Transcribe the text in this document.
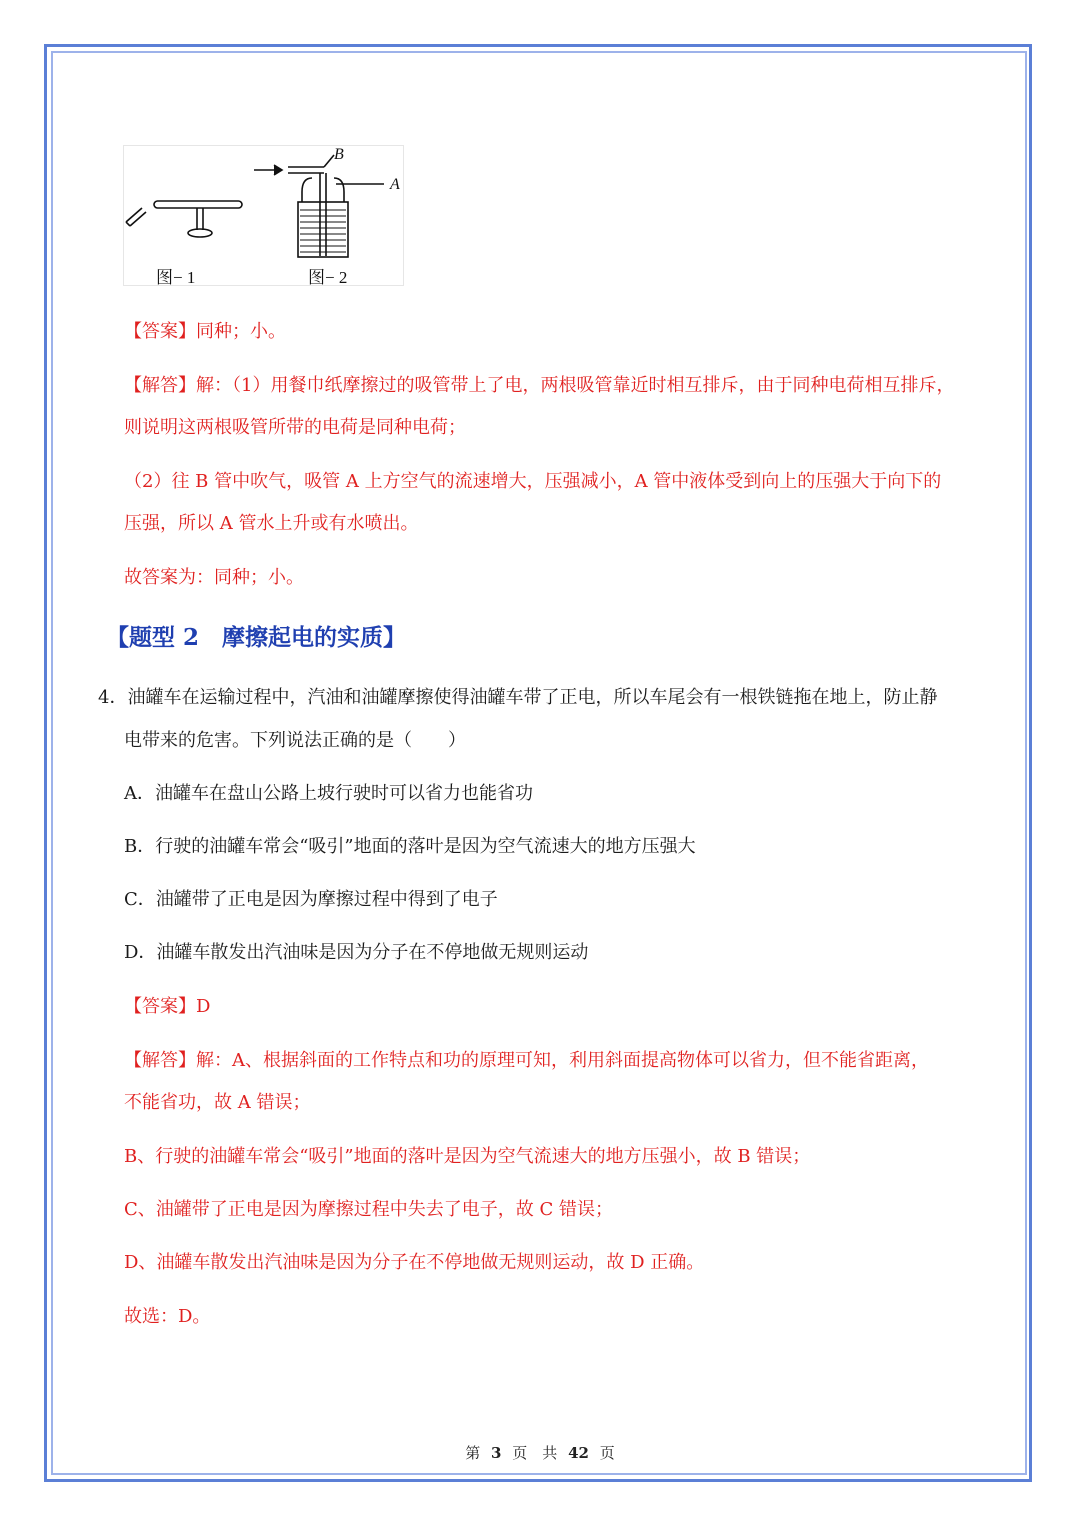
B
A
图− 1	图− 2
【答案】同种；小。
【解答】解：（1）用餐巾纸摩擦过的吸管带上了电，两根吸管靠近时相互排斥，由于同种电荷相互排斥，
则说明这两根吸管所带的电荷是同种电荷；
（2）往 B 管中吹气，吸管 A 上方空气的流速增大，压强减小，A 管中液体受到向上的压强大于向下的
压强，所以 A 管水上升或有水喷出。
故答案为：同种；小。
【题型 2　摩擦起电的实质】
4．油罐车在运输过程中，汽油和油罐摩擦使得油罐车带了正电，所以车尾会有一根铁链拖在地上，防止静
电带来的危害。下列说法正确的是（　　）
A．油罐车在盘山公路上坡行驶时可以省力也能省功
B．行驶的油罐车常会“吸引”地面的落叶是因为空气流速大的地方压强大
C．油罐带了正电是因为摩擦过程中得到了电子
D．油罐车散发出汽油味是因为分子在不停地做无规则运动
【答案】D
【解答】解：A、根据斜面的工作特点和功的原理可知，利用斜面提高物体可以省力，但不能省距离，
不能省功，故 A 错误；
B、行驶的油罐车常会“吸引”地面的落叶是因为空气流速大的地方压强小，故 B 错误；
C、油罐带了正电是因为摩擦过程中失去了电子，故 C 错误；
D、油罐车散发出汽油味是因为分子在不停地做无规则运动，故 D 正确。
故选：D。
第 3 页　共 42 页
